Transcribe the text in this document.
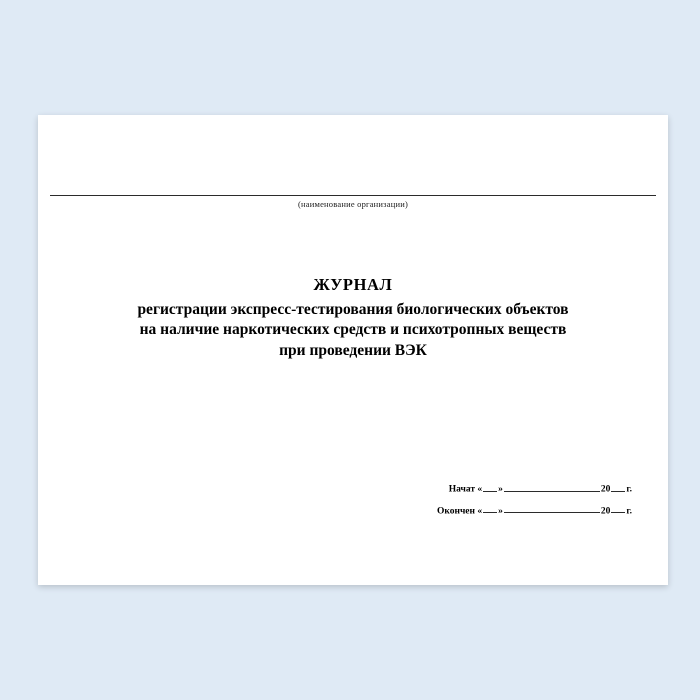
(наименование организации)
ЖУРНАЛ
регистрации экспресс-тестирования биологических объектов
на наличие наркотических средств и психотропных веществ
при проведении ВЭК
Начат « »	20 г.
Окончен « »	20 г.
